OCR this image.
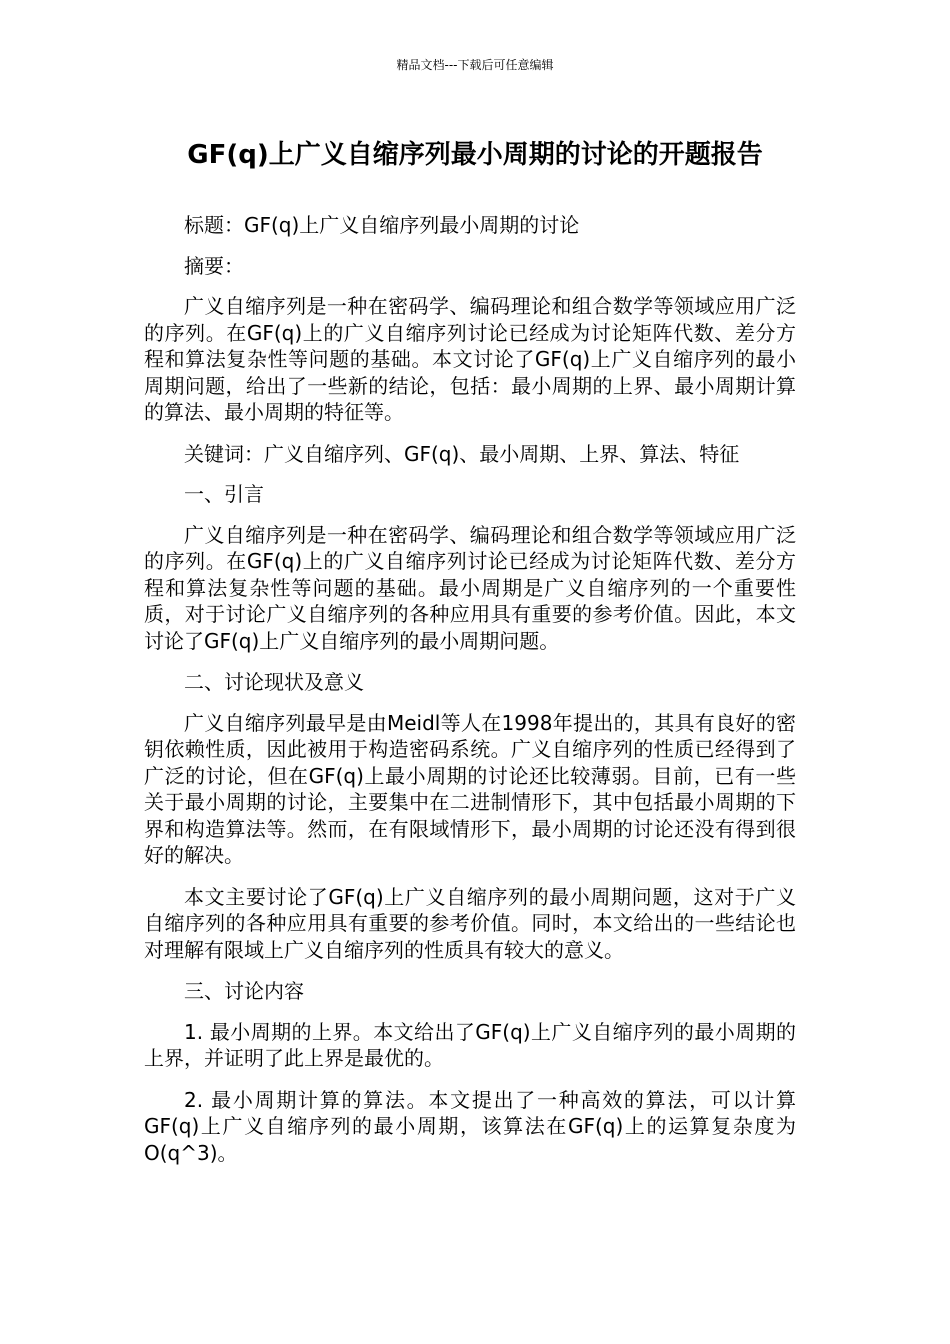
精品文档---下载后可任意编辑
GF(q)上广义自缩序列最小周期的讨论的开题报告

标题：GF(q)上广义自缩序列最小周期的讨论

摘要：

广义自缩序列是一种在密码学、编码理论和组合数学等领域应用广泛的序列。在GF(q)上的广义自缩序列讨论已经成为讨论矩阵代数、差分方程和算法复杂性等问题的基础。本文讨论了GF(q)上广义自缩序列的最小周期问题，给出了一些新的结论，包括：最小周期的上界、最小周期计算的算法、最小周期的特征等。

关键词：广义自缩序列、GF(q)、最小周期、上界、算法、特征

一、引言

广义自缩序列是一种在密码学、编码理论和组合数学等领域应用广泛的序列。在GF(q)上的广义自缩序列讨论已经成为讨论矩阵代数、差分方程和算法复杂性等问题的基础。最小周期是广义自缩序列的一个重要性质，对于讨论广义自缩序列的各种应用具有重要的参考价值。因此，本文讨论了GF(q)上广义自缩序列的最小周期问题。

二、讨论现状及意义

广义自缩序列最早是由Meidl等人在1998年提出的，其具有良好的密钥依赖性质，因此被用于构造密码系统。广义自缩序列的性质已经得到了广泛的讨论，但在GF(q)上最小周期的讨论还比较薄弱。目前，已有一些关于最小周期的讨论，主要集中在二进制情形下，其中包括最小周期的下界和构造算法等。然而，在有限域情形下，最小周期的讨论还没有得到很好的解决。

本文主要讨论了GF(q)上广义自缩序列的最小周期问题，这对于广义自缩序列的各种应用具有重要的参考价值。同时，本文给出的一些结论也对理解有限域上广义自缩序列的性质具有较大的意义。

三、讨论内容

1. 最小周期的上界。本文给出了GF(q)上广义自缩序列的最小周期的上界，并证明了此上界是最优的。

2. 最小周期计算的算法。本文提出了一种高效的算法，可以计算GF(q)上广义自缩序列的最小周期，该算法在GF(q)上的运算复杂度为O(q^3)。
